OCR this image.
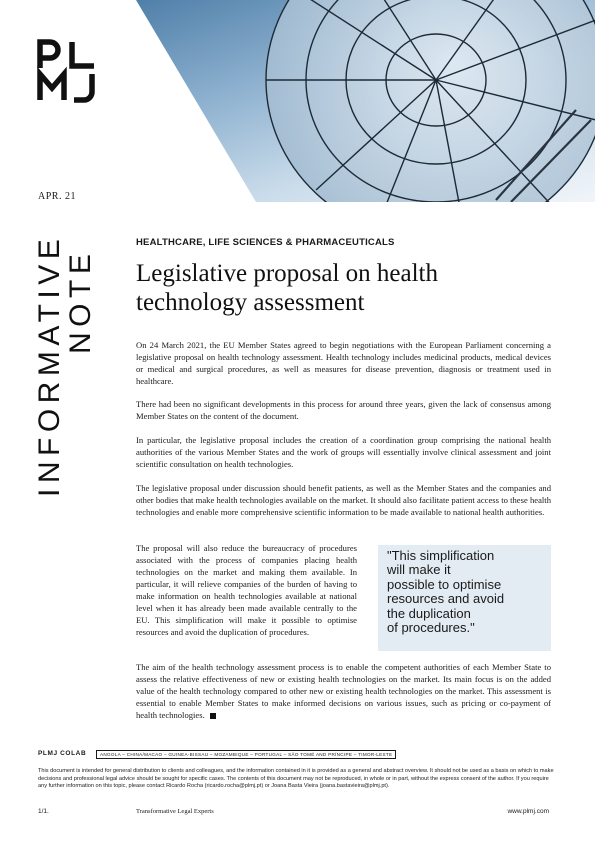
APR. 21
INFORMATIVE
NOTE
HEALTHCARE, LIFE SCIENCES & PHARMACEUTICALS
Legislative proposal on health technology assessment

On 24 March 2021, the EU Member States agreed to begin negotiations with the European Parliament concerning a legislative proposal on health technology assessment. Health technology includes medicinal products, medical devices or medical and surgical procedures, as well as measures for disease prevention, diagnosis or treatment used in healthcare.

There had been no significant developments in this process for around three years, given the lack of consensus among Member States on the content of the document.

In particular, the legislative proposal includes the creation of a coordination group comprising the national health authorities of the various Member States and the work of groups will essentially involve clinical assessment and joint scientific consultation on health technologies.

The legislative proposal under discussion should benefit patients, as well as the Member States and the companies and other bodies that make health technologies available on the market. It should also facilitate patient access to these health technologies and enable more comprehensive scientific information to be made available to national health authorities.

The proposal will also reduce the bureaucracy of procedures associated with the process of companies placing health technologies on the market and making them available. In particular, it will relieve companies of the burden of having to make information on health technologies available at national level when it has already been made available centrally to the EU. This simplification will make it possible to optimise resources and avoid the duplication of procedures.

"This simplification
will make it
possible to optimise
resources and avoid
the duplication
of procedures."

The aim of the health technology assessment process is to enable the competent authorities of each Member State to assess the relative effectiveness of new or existing health technologies on the market. Its main focus is on the added value of the health technology compared to other new or existing health technologies on the market. This assessment is essential to enable Member States to make informed decisions on various issues, such as pricing or co-payment of health technologies.

PLMJ COLAB	ANGOLA – CHINA/MACAO – GUINEA-BISSAU – MOZAMBIQUE – PORTUGAL – SÃO TOMÉ AND PRÍNCIPE – TIMOR-LESTE

This document is intended for general distribution to clients and colleagues, and the information contained in it is provided as a general and abstract overview. It should not be used as a basis on which to make decisions and professional legal advice should be sought for specific cases. The contents of this document may not be reproduced, in whole or in part, without the express consent of the author. If you require any further information on this topic, please contact Ricardo Rocha (ricardo.rocha@plmj.pt) or Joana Basta Vieira (joana.bastavieira@plmj.pt).

1/1.	Transformative Legal Experts	www.plmj.com
